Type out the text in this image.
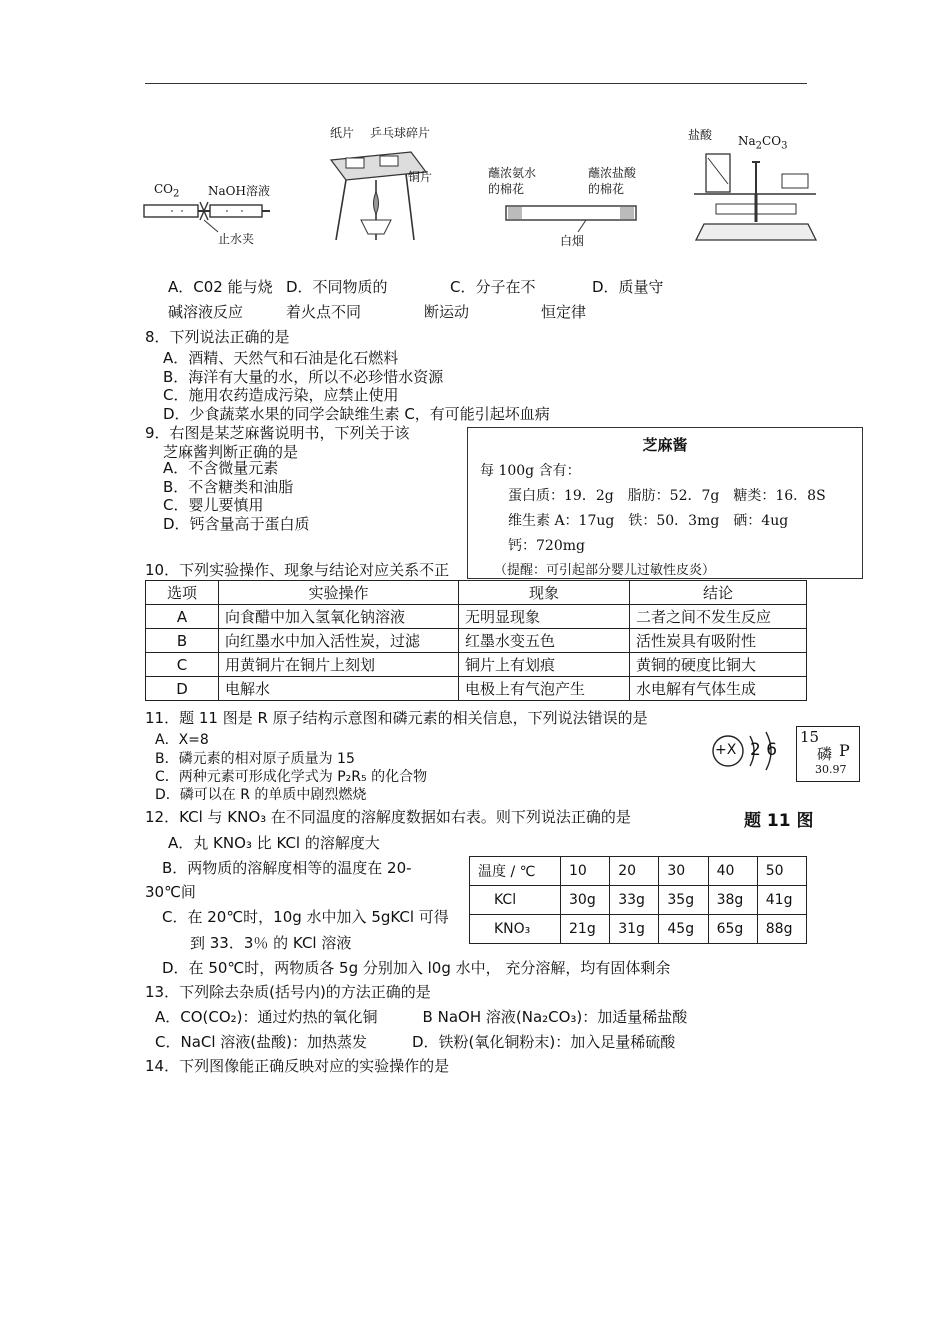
$CO_2$ NaOH溶液
止水夹
纸片 乒乓球碎片
铜片	蘸浓氨水
的棉花
蘸浓盐酸
的棉花
白烟
盐酸 $Na_2CO_3$
A．C02 能与烧
碱溶液反应
D．不同物质的
着火点不同
C．分子在不
断运动
D．质量守
恒定律
8．下列说法正确的是
A．酒精、天然气和石油是化石燃料
B．海洋有大量的水，所以不必珍惜水资源
C．施用农药造成污染，应禁止使用
D．少食蔬菜水果的同学会缺维生素 C，有可能引起坏血病
9．右图是某芝麻酱说明书，下列关于该
芝麻酱判断正确的是
A．不含微量元素
B．不含糖类和油脂
C．婴儿要慎用
D．钙含量高于蛋白质
芝麻酱
每 100g 含有：
蛋白质：19．2g　脂肪：52．7g　糖类：16．8S
维生素 A：17ug　铁：50．3mg　硒：4ug
钙：720mg
（提醒：可引起部分婴儿过敏性皮炎）
10．下列实验操作、现象与结论对应关系不正
选项	实验操作	现象	结论
A	向食醋中加入氢氧化钠溶液	无明显现象	二者之间不发生反应
B	向红墨水中加入活性炭，过滤	红墨水变五色	活性炭具有吸附性
C	用黄铜片在铜片上刻划	铜片上有划痕	黄铜的硬度比铜大
D	电解水	电极上有气泡产生	水电解有气体生成
11．题 11 图是 R 原子结构示意图和磷元素的相关信息，下列说法错误的是
A．X=8
B．磷元素的相对原子质量为 15
C．两种元素可形成化学式为 P₂R₅ 的化合物
D．磷可以在 R 的单质中剧烈燃烧
+X 2 6
15
磷 P
30.97
题 11 图
12．KCl 与 KNO₃ 在不同温度的溶解度数据如右表。则下列说法正确的是
A．丸 KNO₃ 比 KCl 的溶解度大
B．两物质的溶解度相等的温度在 20-
30℃间
C．在 20℃时，10g 水中加入 5gKCl 可得
到 33．3％ 的 KCl 溶液
D．在 50℃时，两物质各 5g 分别加入 l0g 水中， 充分溶解，均有固体剩余
温度 / ℃	10	20	30	40	50
KCl	30g	33g	35g	38g	41g
KNO₃	21g	31g	45g	65g	88g
13．下列除去杂质(括号内)的方法正确的是
A．CO(CO₂)：通过灼热的氧化铜　　　B NaOH 溶液(Na₂CO₃)：加适量稀盐酸
C．NaCl 溶液(盐酸)：加热蒸发　　　D．铁粉(氧化铜粉末)：加入足量稀硫酸
14．下列图像能正确反映对应的实验操作的是
